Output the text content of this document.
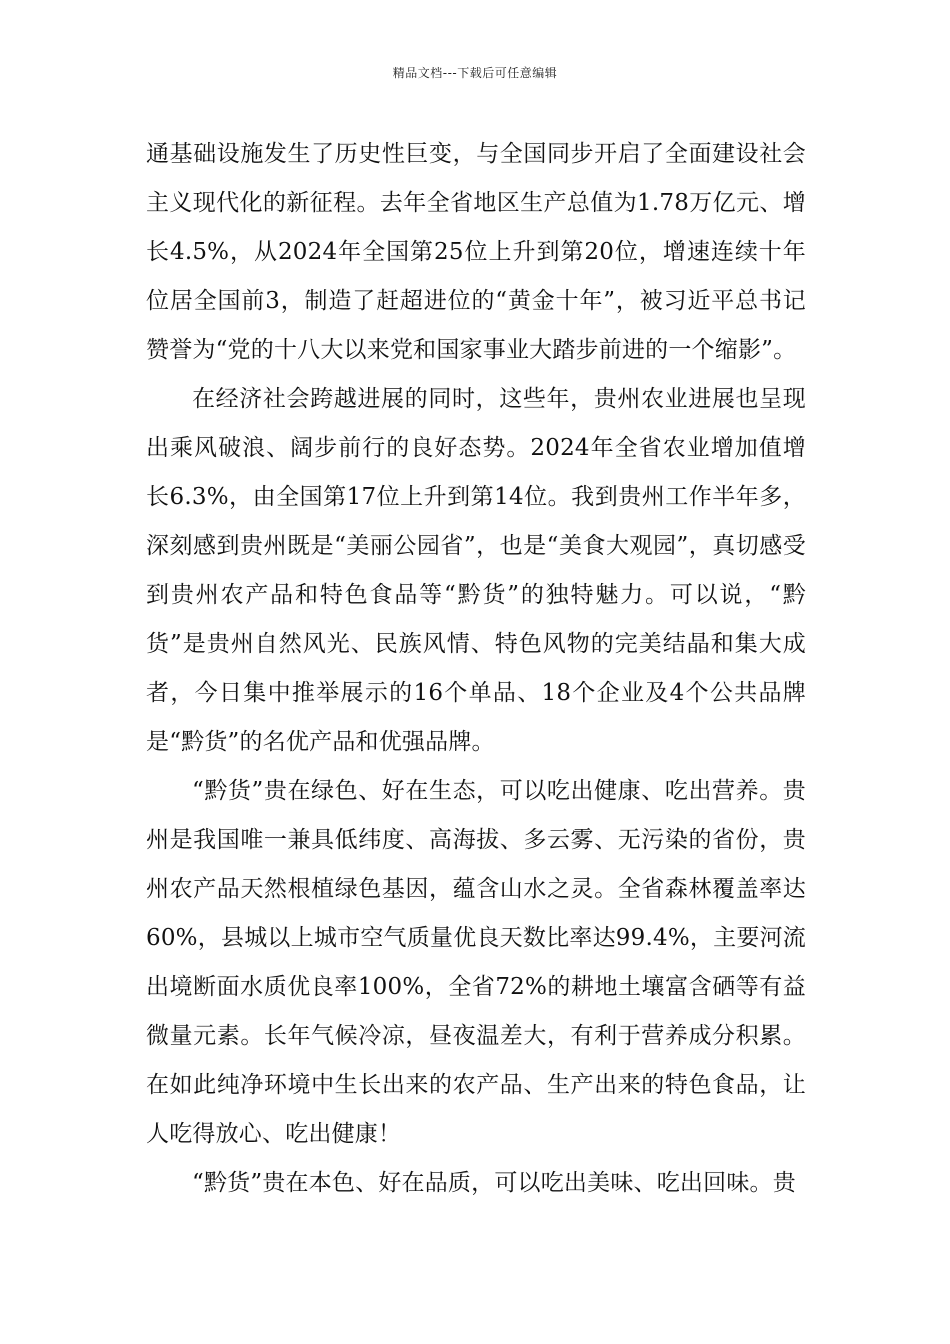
精品文档---下载后可任意编辑

通基础设施发生了历史性巨变，与全国同步开启了全面建设社会主义现代化的新征程。去年全省地区生产总值为1.78万亿元、增长4.5%，从2024年全国第25位上升到第20位，增速连续十年位居全国前3，制造了赶超进位的“黄金十年”，被习近平总书记赞誉为“党的十八大以来党和国家事业大踏步前进的一个缩影”。

在经济社会跨越进展的同时，这些年，贵州农业进展也呈现出乘风破浪、阔步前行的良好态势。2024年全省农业增加值增长6.3%，由全国第17位上升到第14位。我到贵州工作半年多，深刻感到贵州既是“美丽公园省”，也是“美食大观园”，真切感受到贵州农产品和特色食品等“黔货”的独特魅力。可以说，“黔货”是贵州自然风光、民族风情、特色风物的完美结晶和集大成者，今日集中推举展示的16个单品、18个企业及4个公共品牌是“黔货”的名优产品和优强品牌。

“黔货”贵在绿色、好在生态，可以吃出健康、吃出营养。贵州是我国唯一兼具低纬度、高海拔、多云雾、无污染的省份，贵州农产品天然根植绿色基因，蕴含山水之灵。全省森林覆盖率达60%，县城以上城市空气质量优良天数比率达99.4%，主要河流出境断面水质优良率100%，全省72%的耕地土壤富含硒等有益微量元素。长年气候冷凉，昼夜温差大，有利于营养成分积累。在如此纯净环境中生长出来的农产品、生产出来的特色食品，让人吃得放心、吃出健康！

“黔货”贵在本色、好在品质，可以吃出美味、吃出回味。贵
